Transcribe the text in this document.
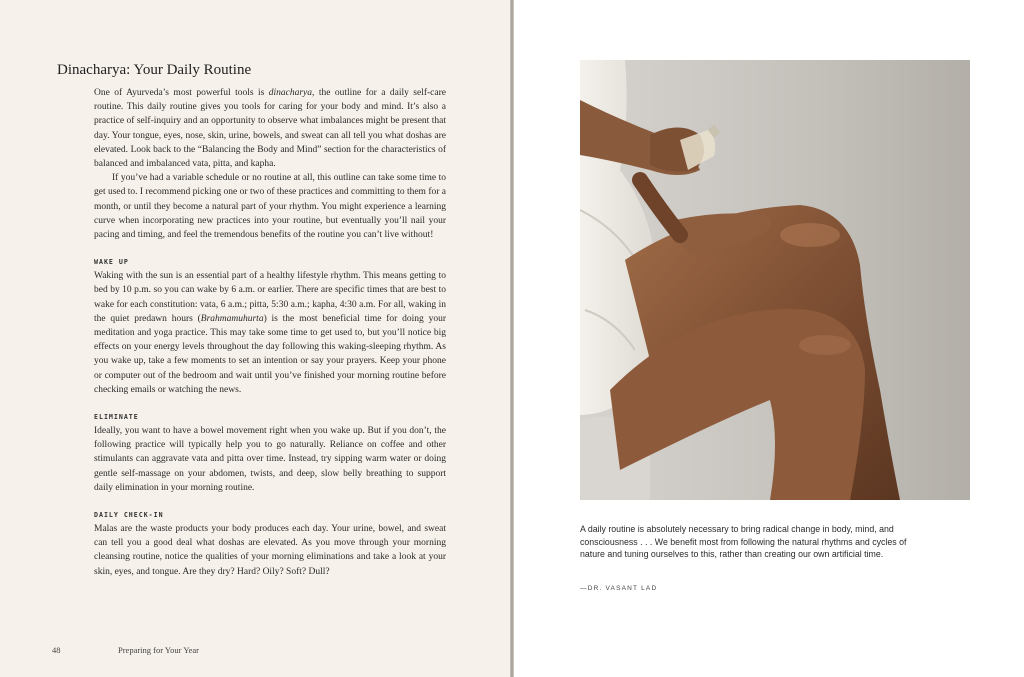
Dinacharya: Your Daily Routine

One of Ayurveda’s most powerful tools is dinacharya, the outline for a daily self-care routine. This daily routine gives you tools for caring for your body and mind. It’s also a practice of self-inquiry and an opportunity to observe what imbalances might be present that day. Your tongue, eyes, nose, skin, urine, bowels, and sweat can all tell you what doshas are elevated. Look back to the “Balancing the Body and Mind” section for the characteristics of balanced and imbalanced vata, pitta, and kapha.

If you’ve had a variable schedule or no routine at all, this outline can take some time to get used to. I recommend picking one or two of these practices and committing to them for a month, or until they become a natural part of your rhythm. You might experience a learning curve when incorporating new practices into your routine, but eventually you’ll nail your pacing and timing, and feel the tremendous benefits of the routine you can’t live without!

WAKE UP

Waking with the sun is an essential part of a healthy lifestyle rhythm. This means getting to bed by 10 p.m. so you can wake by 6 a.m. or earlier. There are specific times that are best to wake for each constitution: vata, 6 a.m.; pitta, 5:30 a.m.; kapha, 4:30 a.m. For all, waking in the quiet predawn hours (Brahmamuhurta) is the most beneficial time for doing your meditation and yoga practice. This may take some time to get used to, but you’ll notice big effects on your energy levels throughout the day following this waking-sleeping rhythm. As you wake up, take a few moments to set an intention or say your prayers. Keep your phone or computer out of the bedroom and wait until you’ve finished your morning routine before checking emails or watching the news.

ELIMINATE

Ideally, you want to have a bowel movement right when you wake up. But if you don’t, the following practice will typically help you to go naturally. Reliance on coffee and other stimulants can aggravate vata and pitta over time. Instead, try sipping warm water or doing gentle self-massage on your abdomen, twists, and deep, slow belly breathing to support daily elimination in your morning routine.

DAILY CHECK-IN

Malas are the waste products your body produces each day. Your urine, bowel, and sweat can tell you a good deal what doshas are elevated. As you move through your morning cleansing routine, notice the qualities of your morning eliminations and take a look at your skin, eyes, and tongue. Are they dry? Hard? Oily? Soft? Dull?

48	Preparing for Your Year
A daily routine is absolutely necessary to bring radical change in body, mind, and consciousness . . . We benefit most from following the natural rhythms and cycles of nature and tuning ourselves to this, rather than creating our own artificial time.
—DR. VASANT LAD
